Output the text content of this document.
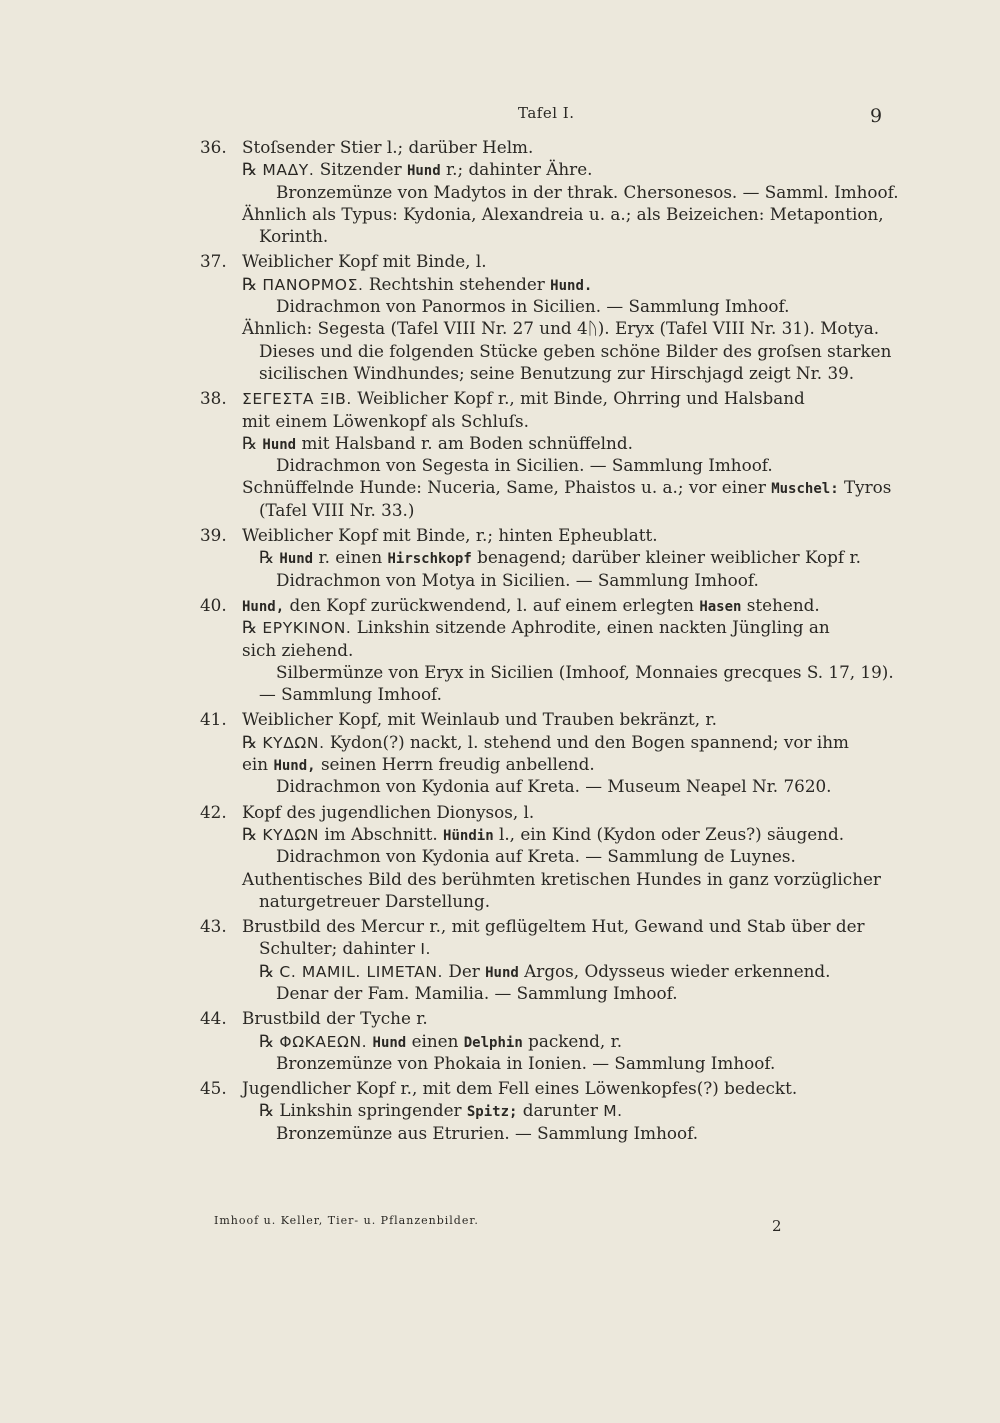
Tafel I.	9
36. Stoſsender Stier l.; darüber Helm.
℞ ΜΑΔΥ. Sitzender Hund r.; dahinter Ähre.
Bronzemünze von Madytos in der thrak. Chersonesos. — Samml. Imhoof.
Ähnlich als Typus: Kydonia, Alexandreia u. a.; als Beizeichen: Metapontion,
Korinth.
37. Weiblicher Kopf mit Binde, l.
℞ ΠΑΝΟΡΜΟΣ. Rechtshin stehender Hund.
Didrachmon von Panormos in Sicilien. — Sammlung Imhoof.
Ähnlich: Segesta (Tafel VIII Nr. 27 und 4ᚢ). Eryx (Tafel VIII Nr. 31). Motya.
Dieses und die folgenden Stücke geben schöne Bilder des groſsen starken
sicilischen Windhundes; seine Benutzung zur Hirschjagd zeigt Nr. 39.
38. ΣΕΓΕΣΤΑ ΞΙΒ. Weiblicher Kopf r., mit Binde, Ohrring und Halsband
mit einem Löwenkopf als Schluſs.
℞ Hund mit Halsband r. am Boden schnüffelnd.
Didrachmon von Segesta in Sicilien. — Sammlung Imhoof.
Schnüffelnde Hunde: Nuceria, Same, Phaistos u. a.; vor einer Muschel: Tyros
(Tafel VIII Nr. 33.)
39. Weiblicher Kopf mit Binde, r.; hinten Epheublatt.
℞ Hund r. einen Hirschkopf benagend; darüber kleiner weiblicher Kopf r.
Didrachmon von Motya in Sicilien. — Sammlung Imhoof.
40. Hund, den Kopf zurückwendend, l. auf einem erlegten Hasen stehend.
℞ ΕΡΥΚΙΝΟΝ. Linkshin sitzende Aphrodite, einen nackten Jüngling an
sich ziehend.
Silbermünze von Eryx in Sicilien (Imhoof, Monnaies grecques S. 17, 19).
— Sammlung Imhoof.
41. Weiblicher Kopf, mit Weinlaub und Trauben bekränzt, r.
℞ ΚΥΔΩΝ. Kydon(?) nackt, l. stehend und den Bogen spannend; vor ihm
ein Hund, seinen Herrn freudig anbellend.
Didrachmon von Kydonia auf Kreta. — Museum Neapel Nr. 7620.
42. Kopf des jugendlichen Dionysos, l.
℞ ΚΥΔΩΝ im Abschnitt. Hündin l., ein Kind (Kydon oder Zeus?) säugend.
Didrachmon von Kydonia auf Kreta. — Sammlung de Luynes.
Authentisches Bild des berühmten kretischen Hundes in ganz vorzüglicher
naturgetreuer Darstellung.
43. Brustbild des Mercur r., mit geflügeltem Hut, Gewand und Stab über der
Schulter; dahinter I.
℞ C. MAMIL. LIMETAN. Der Hund Argos, Odysseus wieder erkennend.
Denar der Fam. Mamilia. — Sammlung Imhoof.
44. Brustbild der Tyche r.
℞ ΦΩΚΑΕΩΝ. Hund einen Delphin packend, r.
Bronzemünze von Phokaia in Ionien. — Sammlung Imhoof.
45. Jugendlicher Kopf r., mit dem Fell eines Löwenkopfes(?) bedeckt.
℞ Linkshin springender Spitz; darunter M.
Bronzemünze aus Etrurien. — Sammlung Imhoof.
Imhoof u. Keller, Tier- u. Pflanzenbilder.	2
